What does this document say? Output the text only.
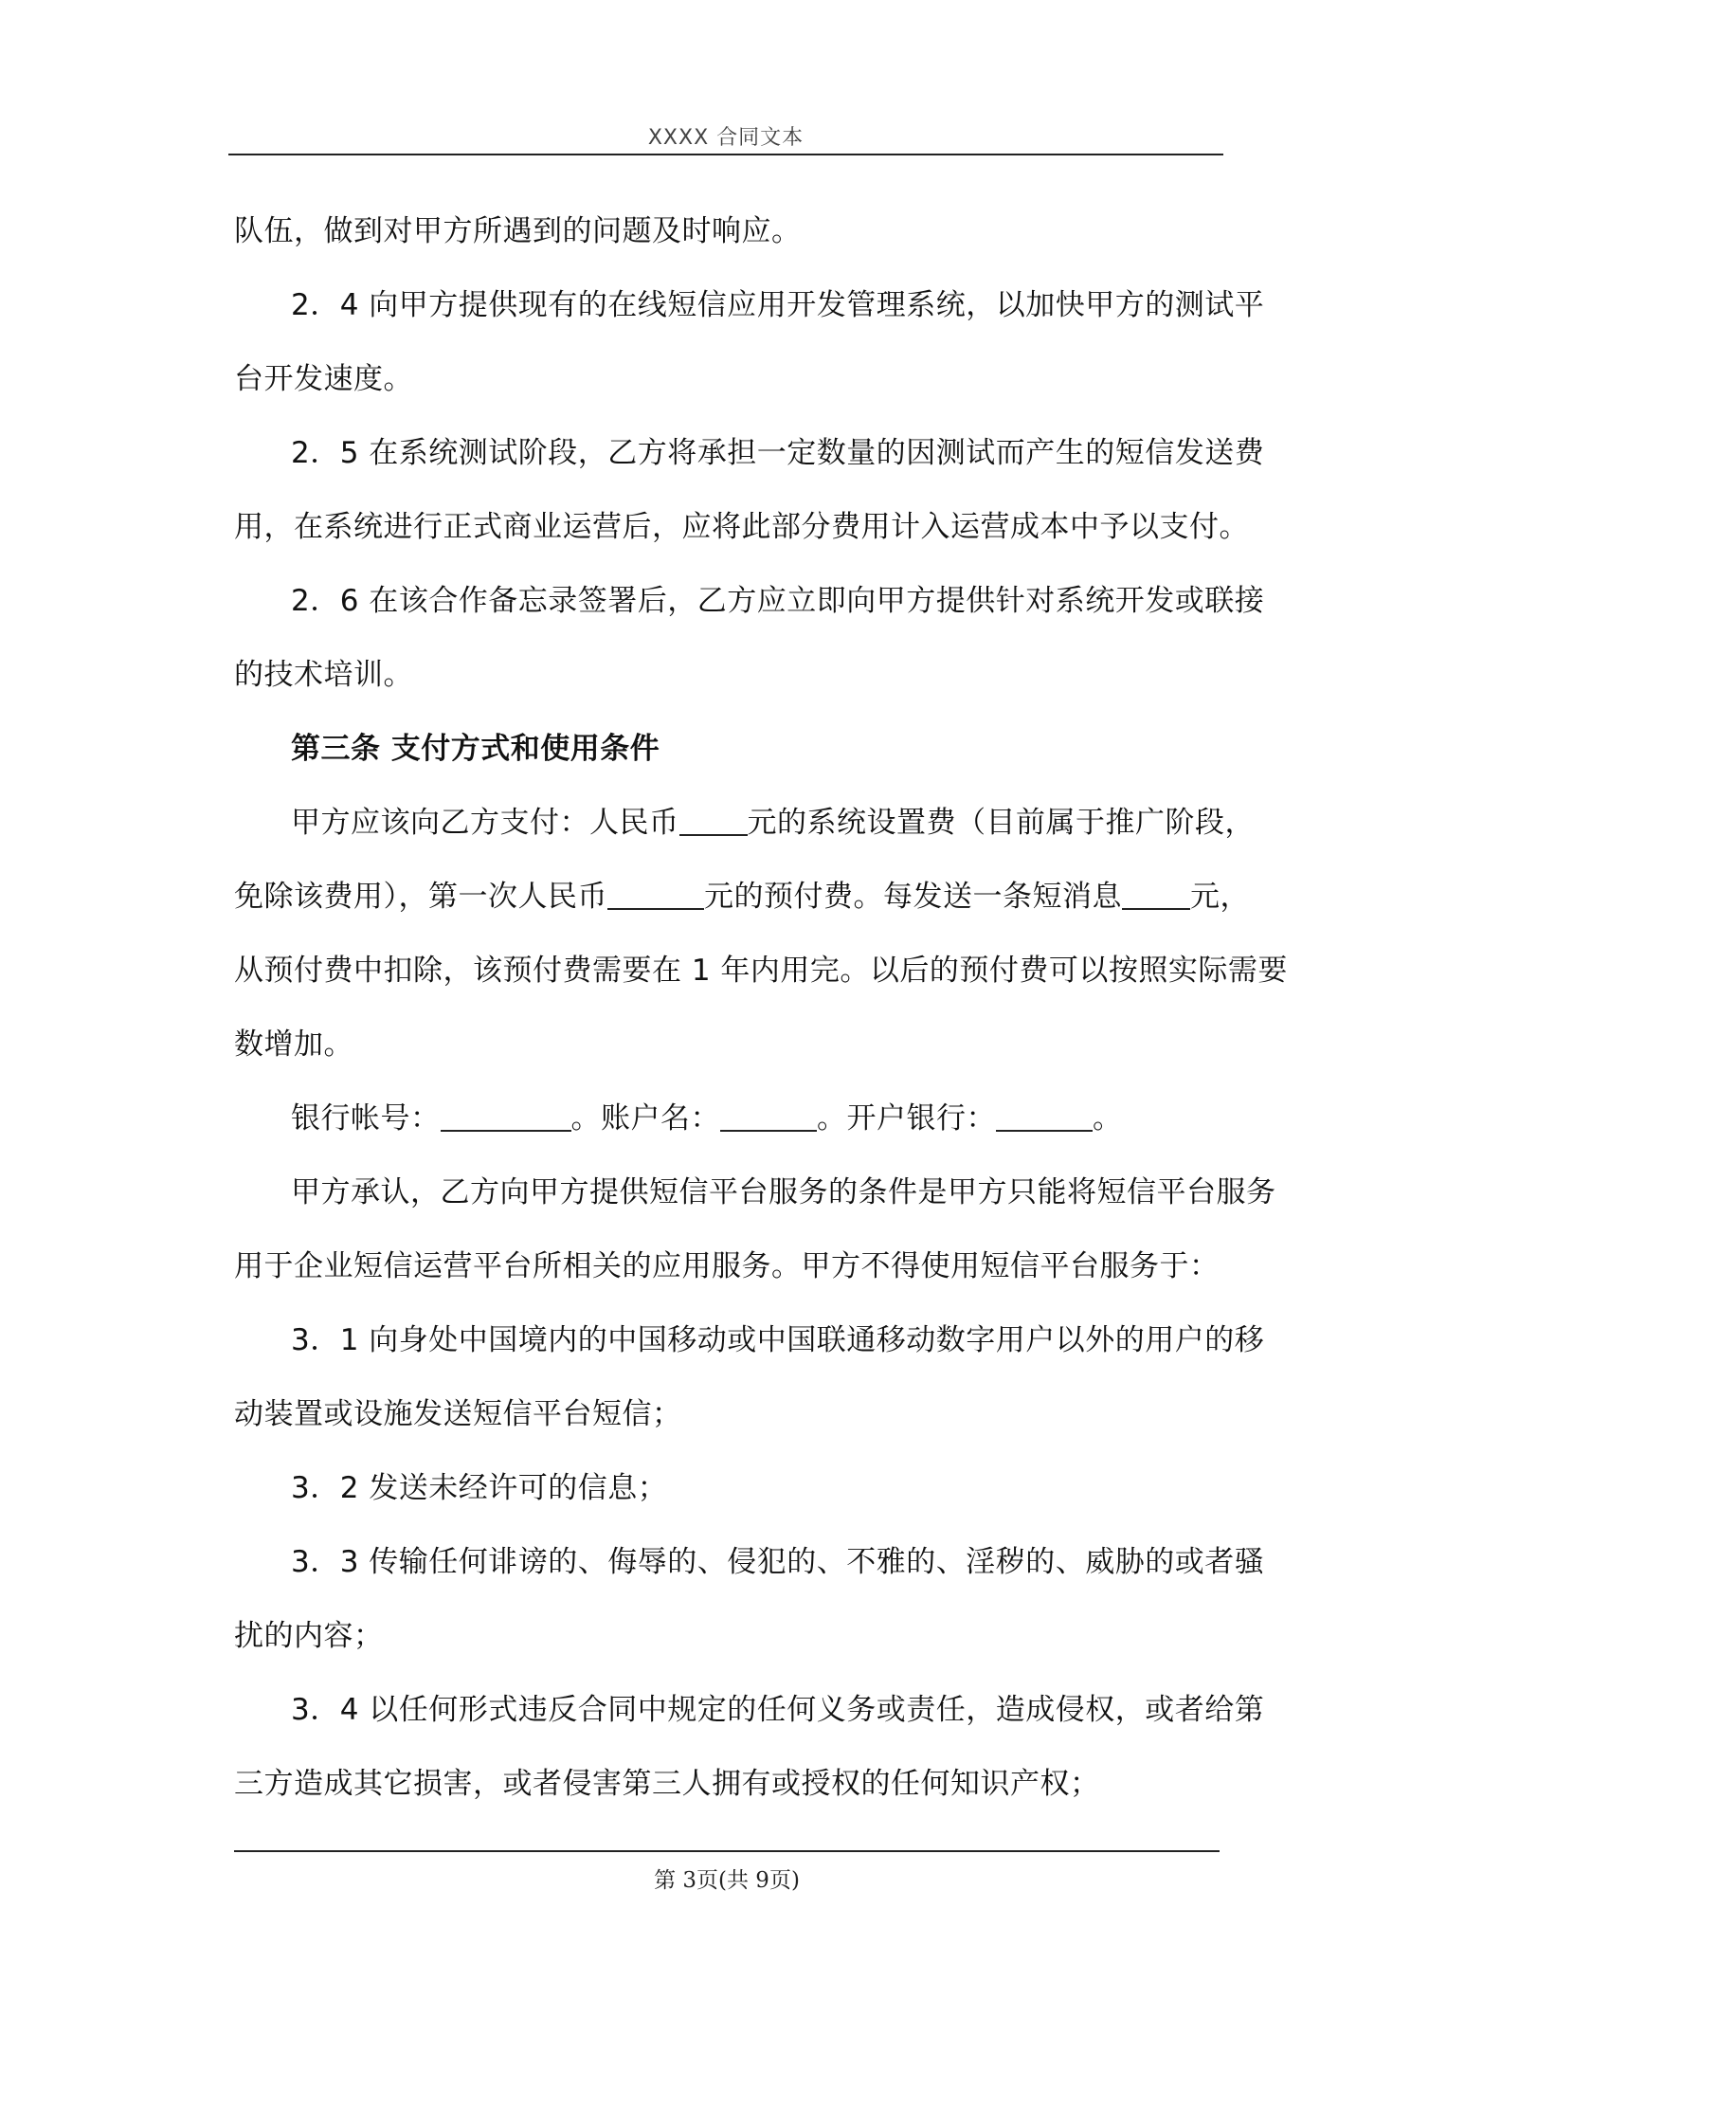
XXXX 合同文本
队伍，做到对甲方所遇到的问题及时响应。
2．4 向甲方提供现有的在线短信应用开发管理系统，以加快甲方的测试平
台开发速度。
2．5 在系统测试阶段，乙方将承担一定数量的因测试而产生的短信发送费
用，在系统进行正式商业运营后，应将此部分费用计入运营成本中予以支付。
2．6 在该合作备忘录签署后，乙方应立即向甲方提供针对系统开发或联接
的技术培训。
第三条 支付方式和使用条件
甲方应该向乙方支付：人民币 元的系统设置费（目前属于推广阶段，
免除该费用），第一次人民币	元的预付费。每发送一条短消息 元，
从预付费中扣除，该预付费需要在 1 年内用完。以后的预付费可以按照实际需要
数增加。
银行帐号：	。账户名：	。开户银行：	。
甲方承认，乙方向甲方提供短信平台服务的条件是甲方只能将短信平台服务
用于企业短信运营平台所相关的应用服务。甲方不得使用短信平台服务于：
3．1 向身处中国境内的中国移动或中国联通移动数字用户以外的用户的移
动装置或设施发送短信平台短信；
3．2 发送未经许可的信息；
3．3 传输任何诽谤的、侮辱的、侵犯的、不雅的、淫秽的、威胁的或者骚
扰的内容；
3．4 以任何形式违反合同中规定的任何义务或责任，造成侵权，或者给第
三方造成其它损害，或者侵害第三人拥有或授权的任何知识产权；
第 3页(共 9页)
